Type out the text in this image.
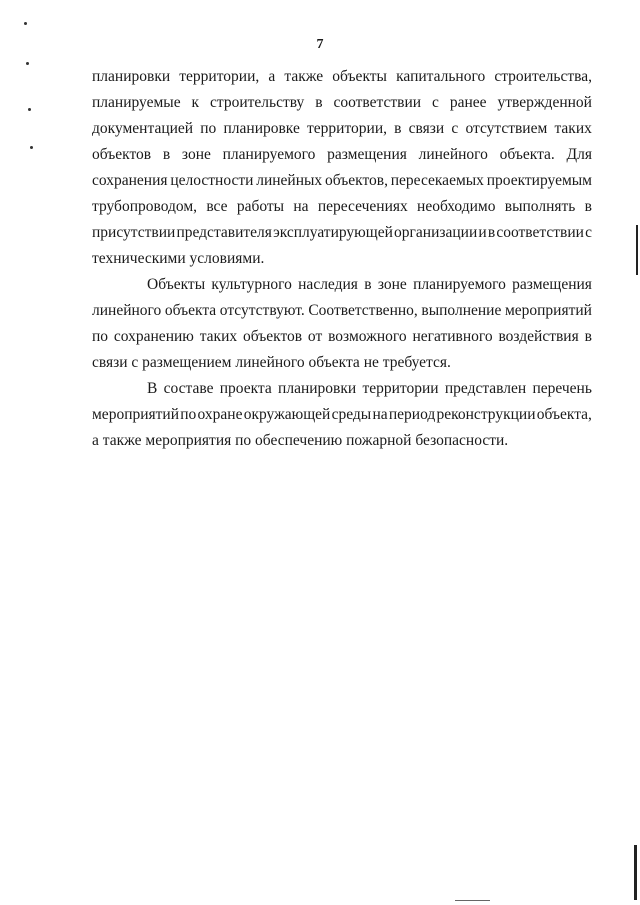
7
планировки территории, а также объекты капитального строительства,
планируемые к строительству в соответствии с ранее утвержденной
документацией по планировке территории, в связи с отсутствием таких
объектов в зоне планируемого размещения линейного объекта. Для
сохранения целостности линейных объектов, пересекаемых проектируемым
трубопроводом, все работы на пересечениях необходимо выполнять в
присутствии представителя эксплуатирующей организации и в соответствии с
техническими условиями.
Объекты культурного наследия в зоне планируемого размещения
линейного объекта отсутствуют. Соответственно, выполнение мероприятий
по сохранению таких объектов от возможного негативного воздействия в
связи с размещением линейного объекта не требуется.
В составе проекта планировки территории представлен перечень
мероприятий по охране окружающей среды на период реконструкции объекта,
а также мероприятия по обеспечению пожарной безопасности.
